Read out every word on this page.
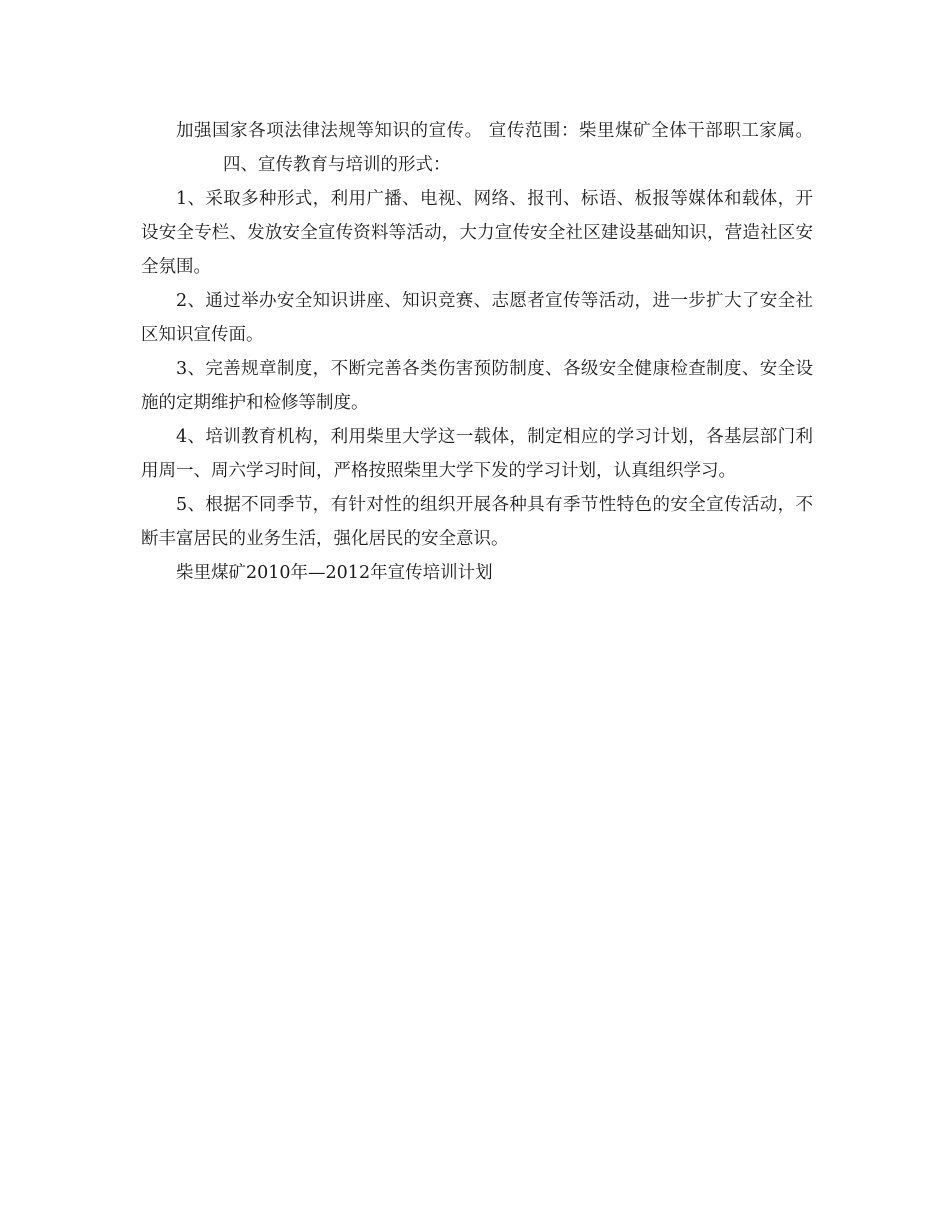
加强国家各项法律法规等知识的宣传。 宣传范围：柴里煤矿全体干部职工家属。四、宣传教育与培训的形式：

1、采取多种形式，利用广播、电视、网络、报刊、标语、板报等媒体和载体，开设安全专栏、发放安全宣传资料等活动，大力宣传安全社区建设基础知识，营造社区安全氛围。

2、通过举办安全知识讲座、知识竞赛、志愿者宣传等活动，进一步扩大了安全社区知识宣传面。

3、完善规章制度，不断完善各类伤害预防制度、各级安全健康检查制度、安全设施的定期维护和检修等制度。

4、培训教育机构，利用柴里大学这一载体，制定相应的学习计划，各基层部门利用周一、周六学习时间，严格按照柴里大学下发的学习计划，认真组织学习。

5、根据不同季节，有针对性的组织开展各种具有季节性特色的安全宣传活动，不断丰富居民的业务生活，强化居民的安全意识。

柴里煤矿2010年—2012年宣传培训计划
